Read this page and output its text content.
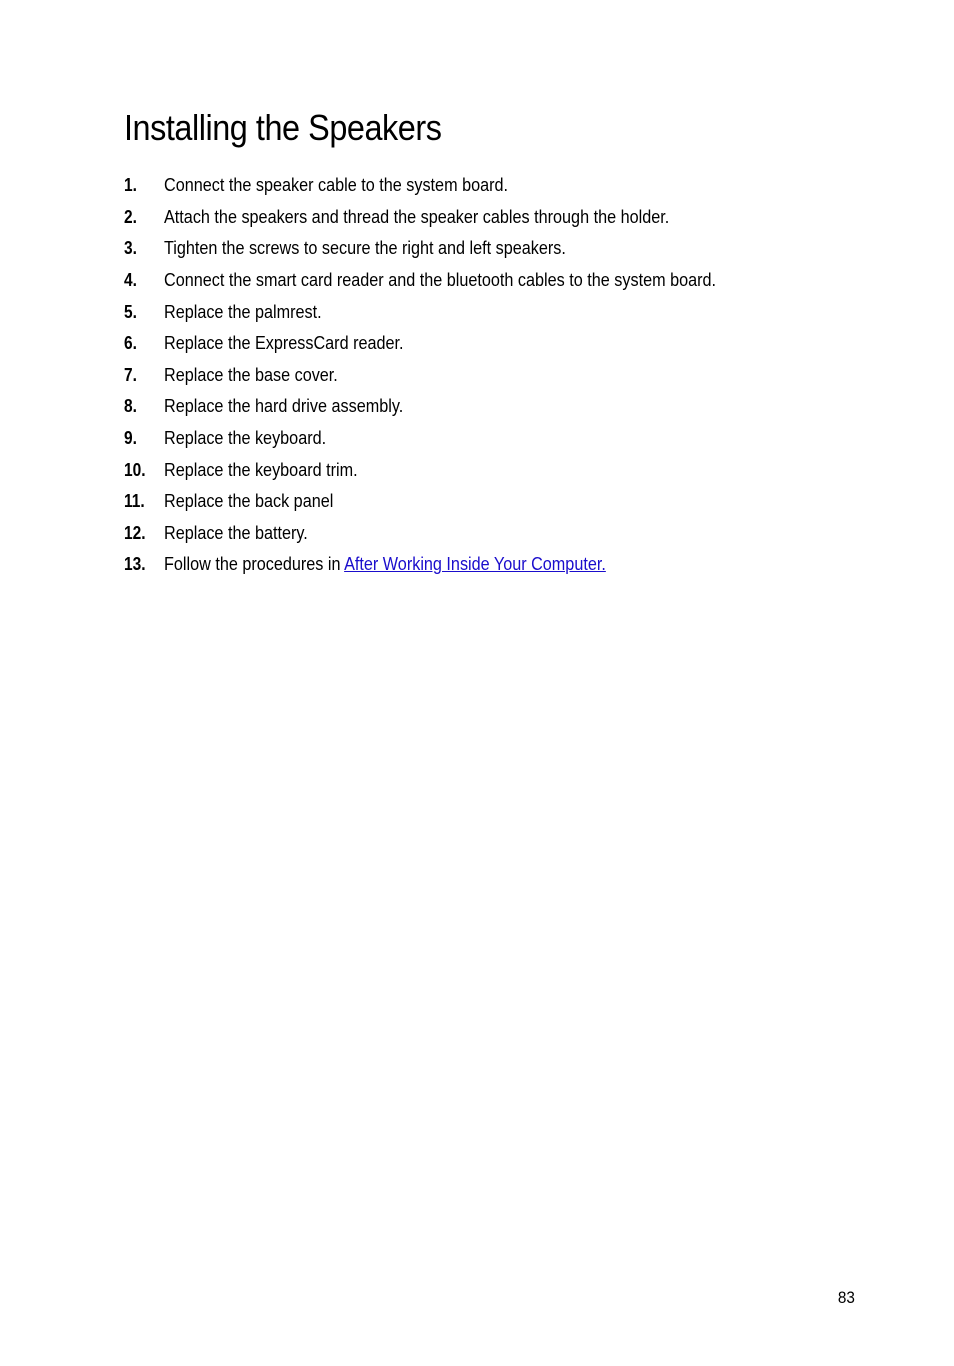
Installing the Speakers
1.	Connect the speaker cable to the system board.
2.	Attach the speakers and thread the speaker cables through the holder.
3.	Tighten the screws to secure the right and left speakers.
4.	Connect the smart card reader and the bluetooth cables to the system board.
5.	Replace the palmrest.
6.	Replace the ExpressCard reader.
7.	Replace the base cover.
8.	Replace the hard drive assembly.
9.	Replace the keyboard.
10.	Replace the keyboard trim.
11.	Replace the back panel
12.	Replace the battery.
13.	Follow the procedures in After Working Inside Your Computer.
83
